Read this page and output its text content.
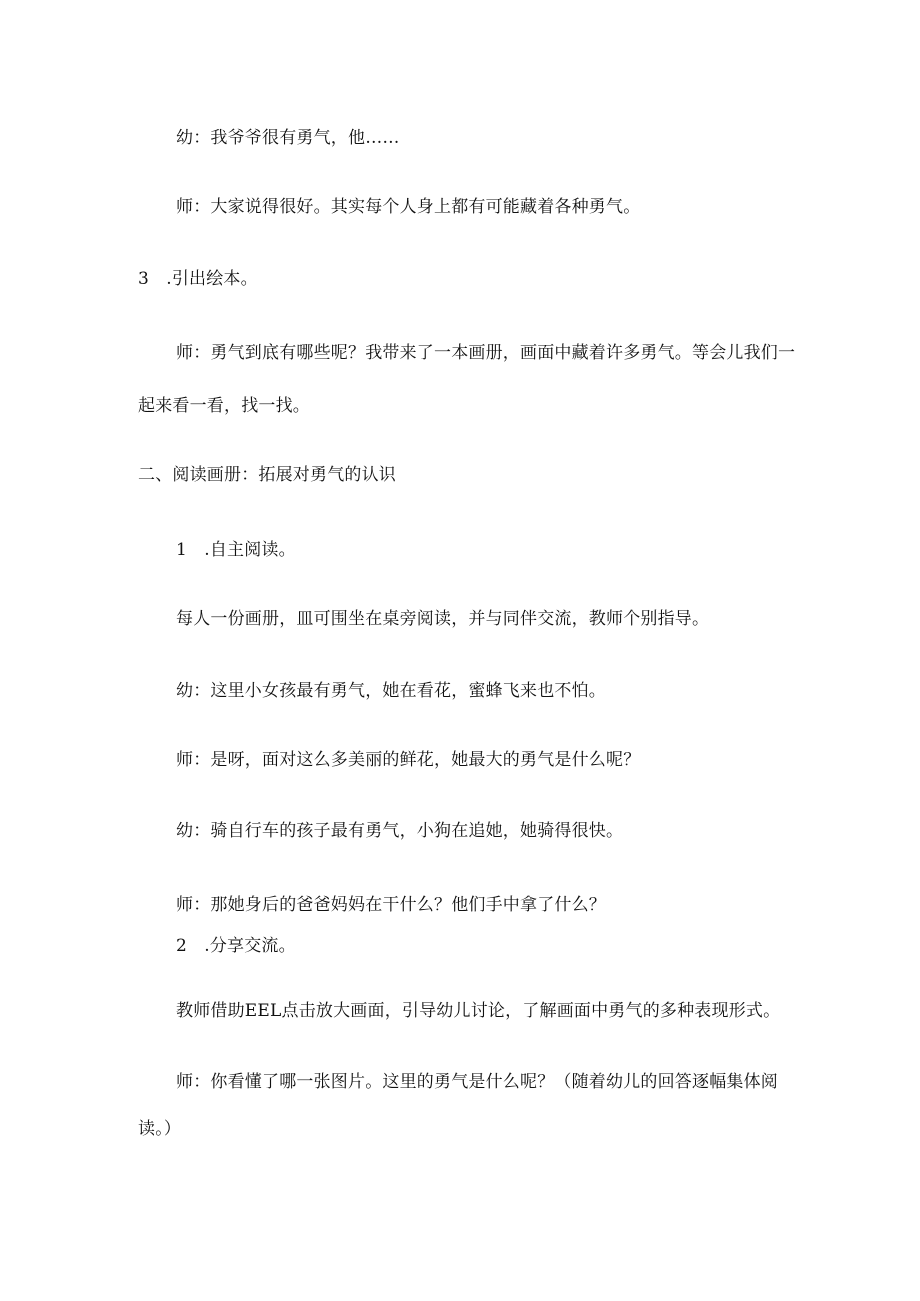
幼：我爷爷很有勇气，他……

师：大家说得很好。其实每个人身上都有可能藏着各种勇气。

3　.引出绘本。

师：勇气到底有哪些呢？我带来了一本画册，画面中藏着许多勇气。等会儿我们一

起来看一看，找一找。

二、阅读画册：拓展对勇气的认识

1　.自主阅读。

每人一份画册，皿可围坐在桌旁阅读，并与同伴交流，教师个别指导。

幼：这里小女孩最有勇气，她在看花，蜜蜂飞来也不怕。

师：是呀，面对这么多美丽的鲜花，她最大的勇气是什么呢？

幼：骑自行车的孩子最有勇气，小狗在追她，她骑得很快。

师：那她身后的爸爸妈妈在干什么？他们手中拿了什么？

2　.分享交流。

教师借助EEL点击放大画面，引导幼儿讨论，了解画面中勇气的多种表现形式。

师：你看懂了哪一张图片。这里的勇气是什么呢？（随着幼儿的回答逐幅集体阅

读。）
